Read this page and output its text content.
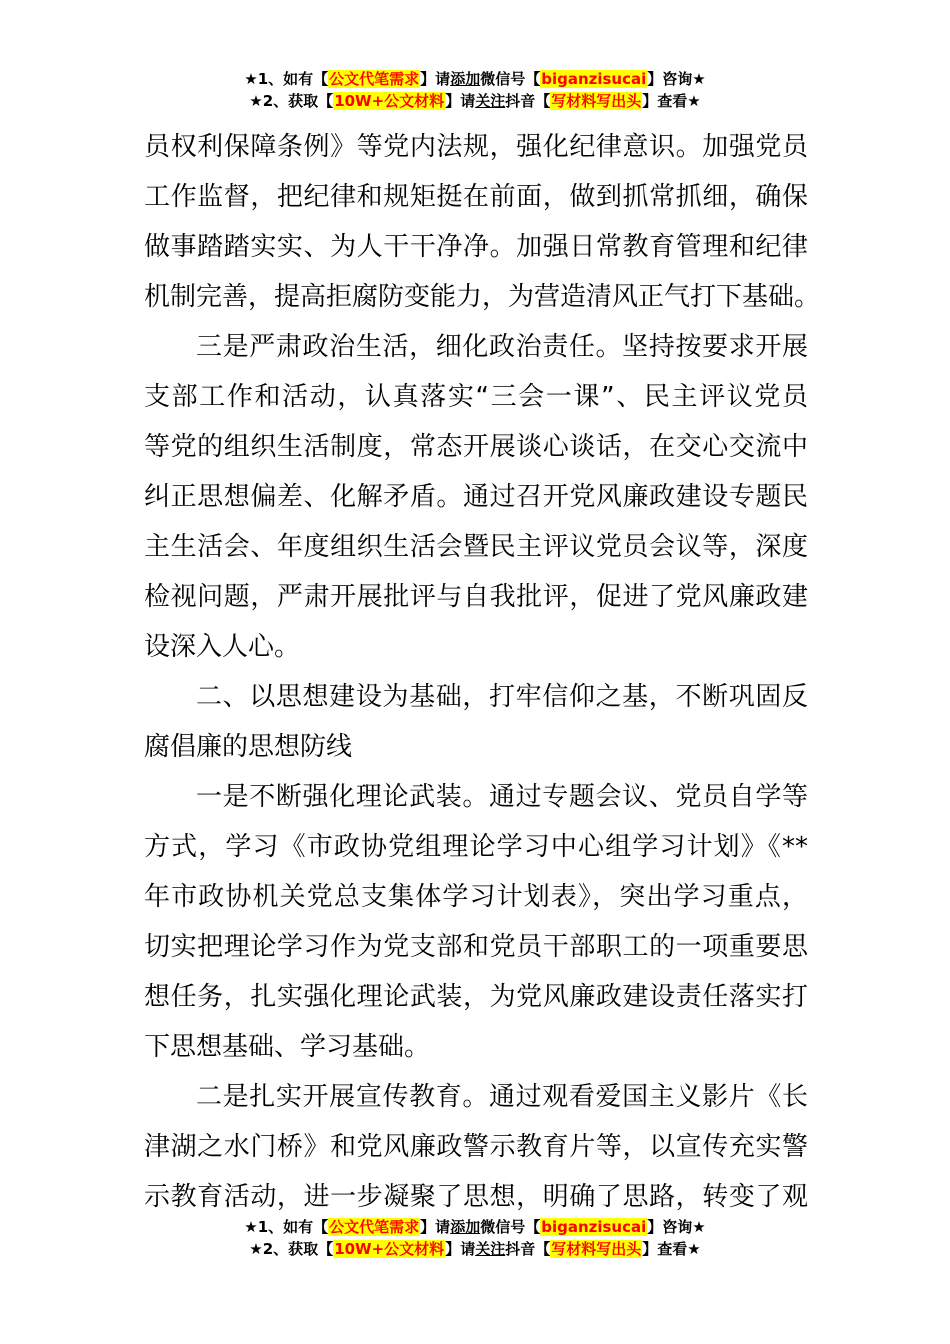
★1、如有【公文代笔需求】请添加微信号【biganzisucai】咨询★
★2、获取【10W+公文材料】请关注抖音【写材料写出头】查看★
员权利保障条例》等党内法规，强化纪律意识。加强党员
工作监督，把纪律和规矩挺在前面，做到抓常抓细，确保
做事踏踏实实、为人干干净净。加强日常教育管理和纪律
机制完善，提高拒腐防变能力，为营造清风正气打下基础。
三是严肃政治生活，细化政治责任。坚持按要求开展
支部工作和活动，认真落实“三会一课”、民主评议党员
等党的组织生活制度，常态开展谈心谈话，在交心交流中
纠正思想偏差、化解矛盾。通过召开党风廉政建设专题民
主生活会、年度组织生活会暨民主评议党员会议等，深度
检视问题，严肃开展批评与自我批评，促进了党风廉政建
设深入人心。
二、以思想建设为基础，打牢信仰之基，不断巩固反
腐倡廉的思想防线
一是不断强化理论武装。通过专题会议、党员自学等
方式，学习《市政协党组理论学习中心组学习计划》《**
年市政协机关党总支集体学习计划表》，突出学习重点，
切实把理论学习作为党支部和党员干部职工的一项重要思
想任务，扎实强化理论武装，为党风廉政建设责任落实打
下思想基础、学习基础。
二是扎实开展宣传教育。通过观看爱国主义影片《长
津湖之水门桥》和党风廉政警示教育片等，以宣传充实警
示教育活动，进一步凝聚了思想，明确了思路，转变了观
★1、如有【公文代笔需求】请添加微信号【biganzisucai】咨询★
★2、获取【10W+公文材料】请关注抖音【写材料写出头】查看★
